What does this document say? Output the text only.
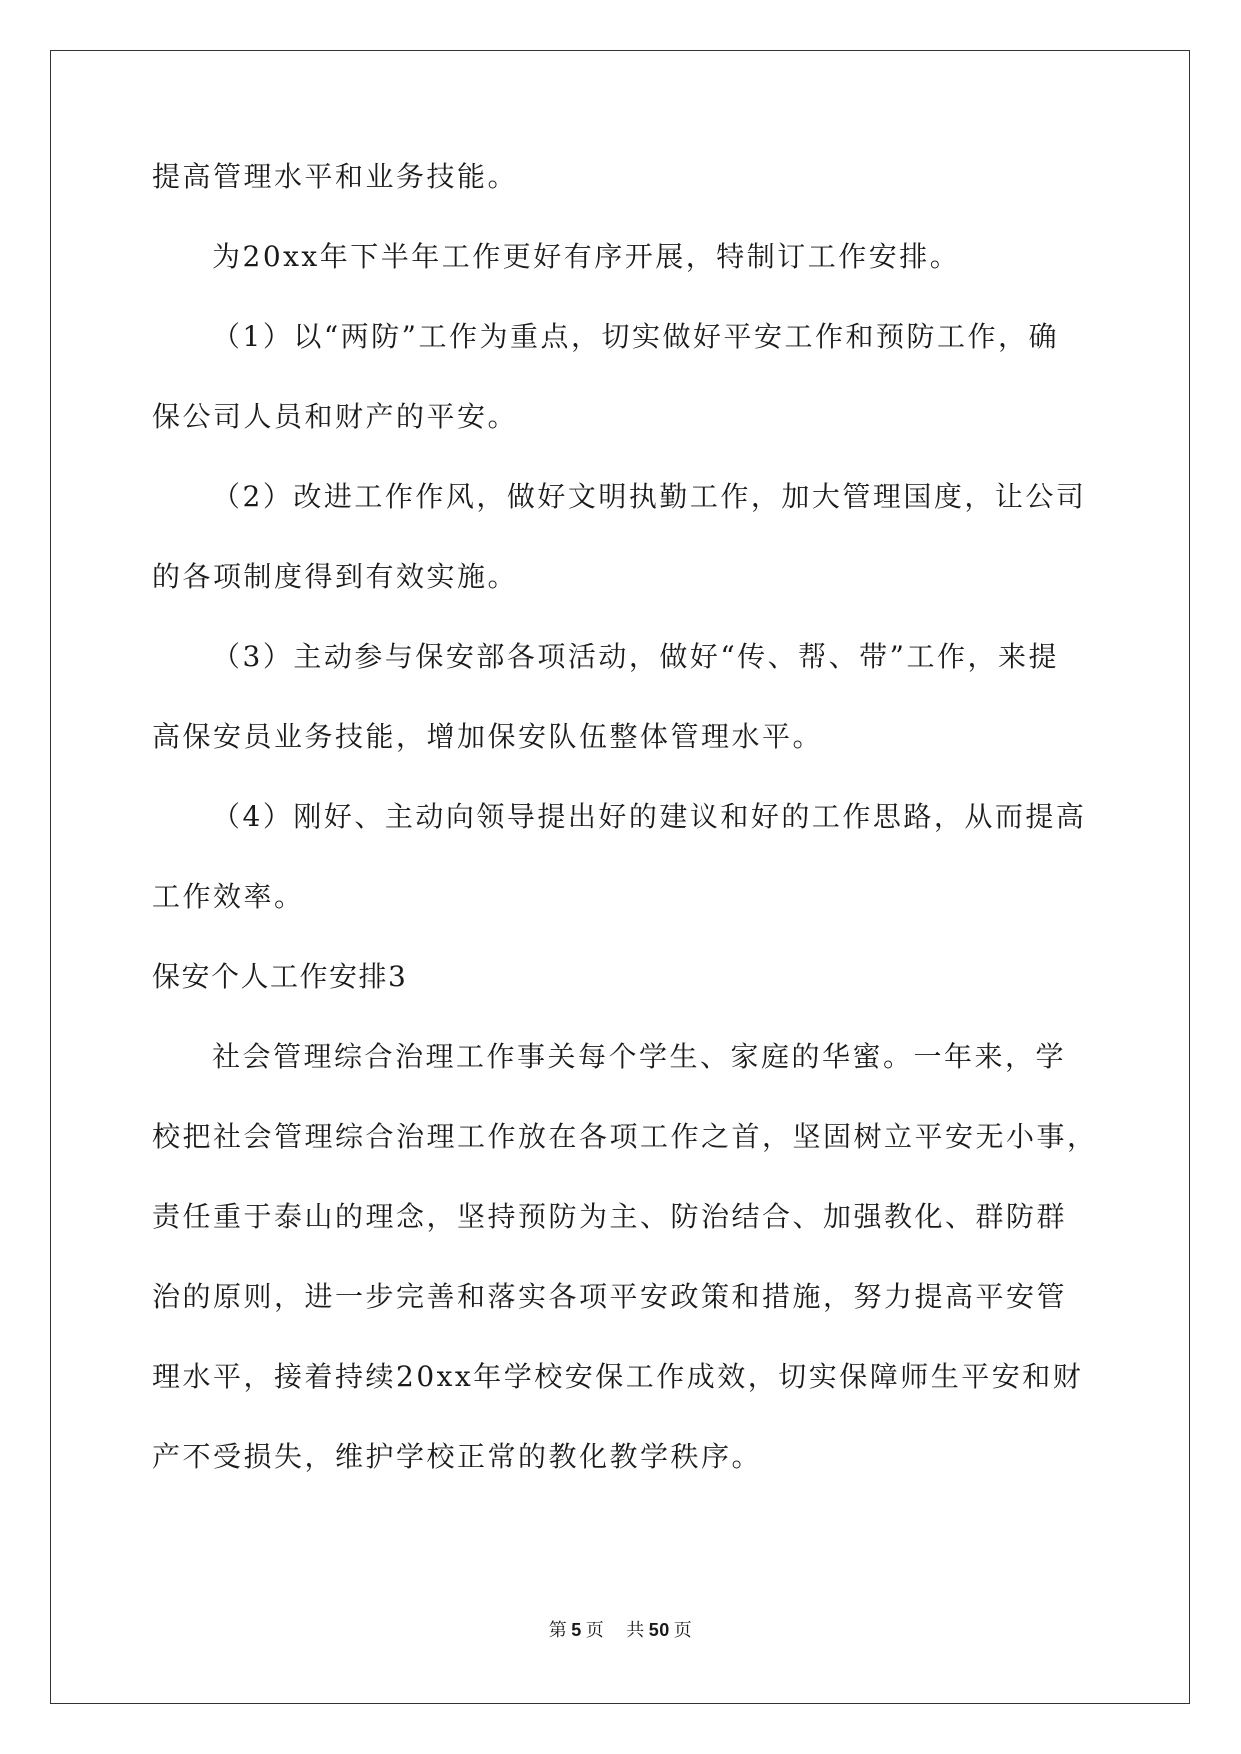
提高管理水平和业务技能。
为20xx年下半年工作更好有序开展，特制订工作安排。
（1）以“两防”工作为重点，切实做好平安工作和预防工作，确
保公司人员和财产的平安。
（2）改进工作作风，做好文明执勤工作，加大管理国度，让公司
的各项制度得到有效实施。
（3）主动参与保安部各项活动，做好“传、帮、带”工作，来提
高保安员业务技能，增加保安队伍整体管理水平。
（4）刚好、主动向领导提出好的建议和好的工作思路，从而提高
工作效率。
保安个人工作安排3
社会管理综合治理工作事关每个学生、家庭的华蜜。一年来，学
校把社会管理综合治理工作放在各项工作之首，坚固树立平安无小事，
责任重于泰山的理念，坚持预防为主、防治结合、加强教化、群防群
治的原则，进一步完善和落实各项平安政策和措施，努力提高平安管
理水平，接着持续20xx年学校安保工作成效，切实保障师生平安和财
产不受损失，维护学校正常的教化教学秩序。
第 5 页 共 50 页
